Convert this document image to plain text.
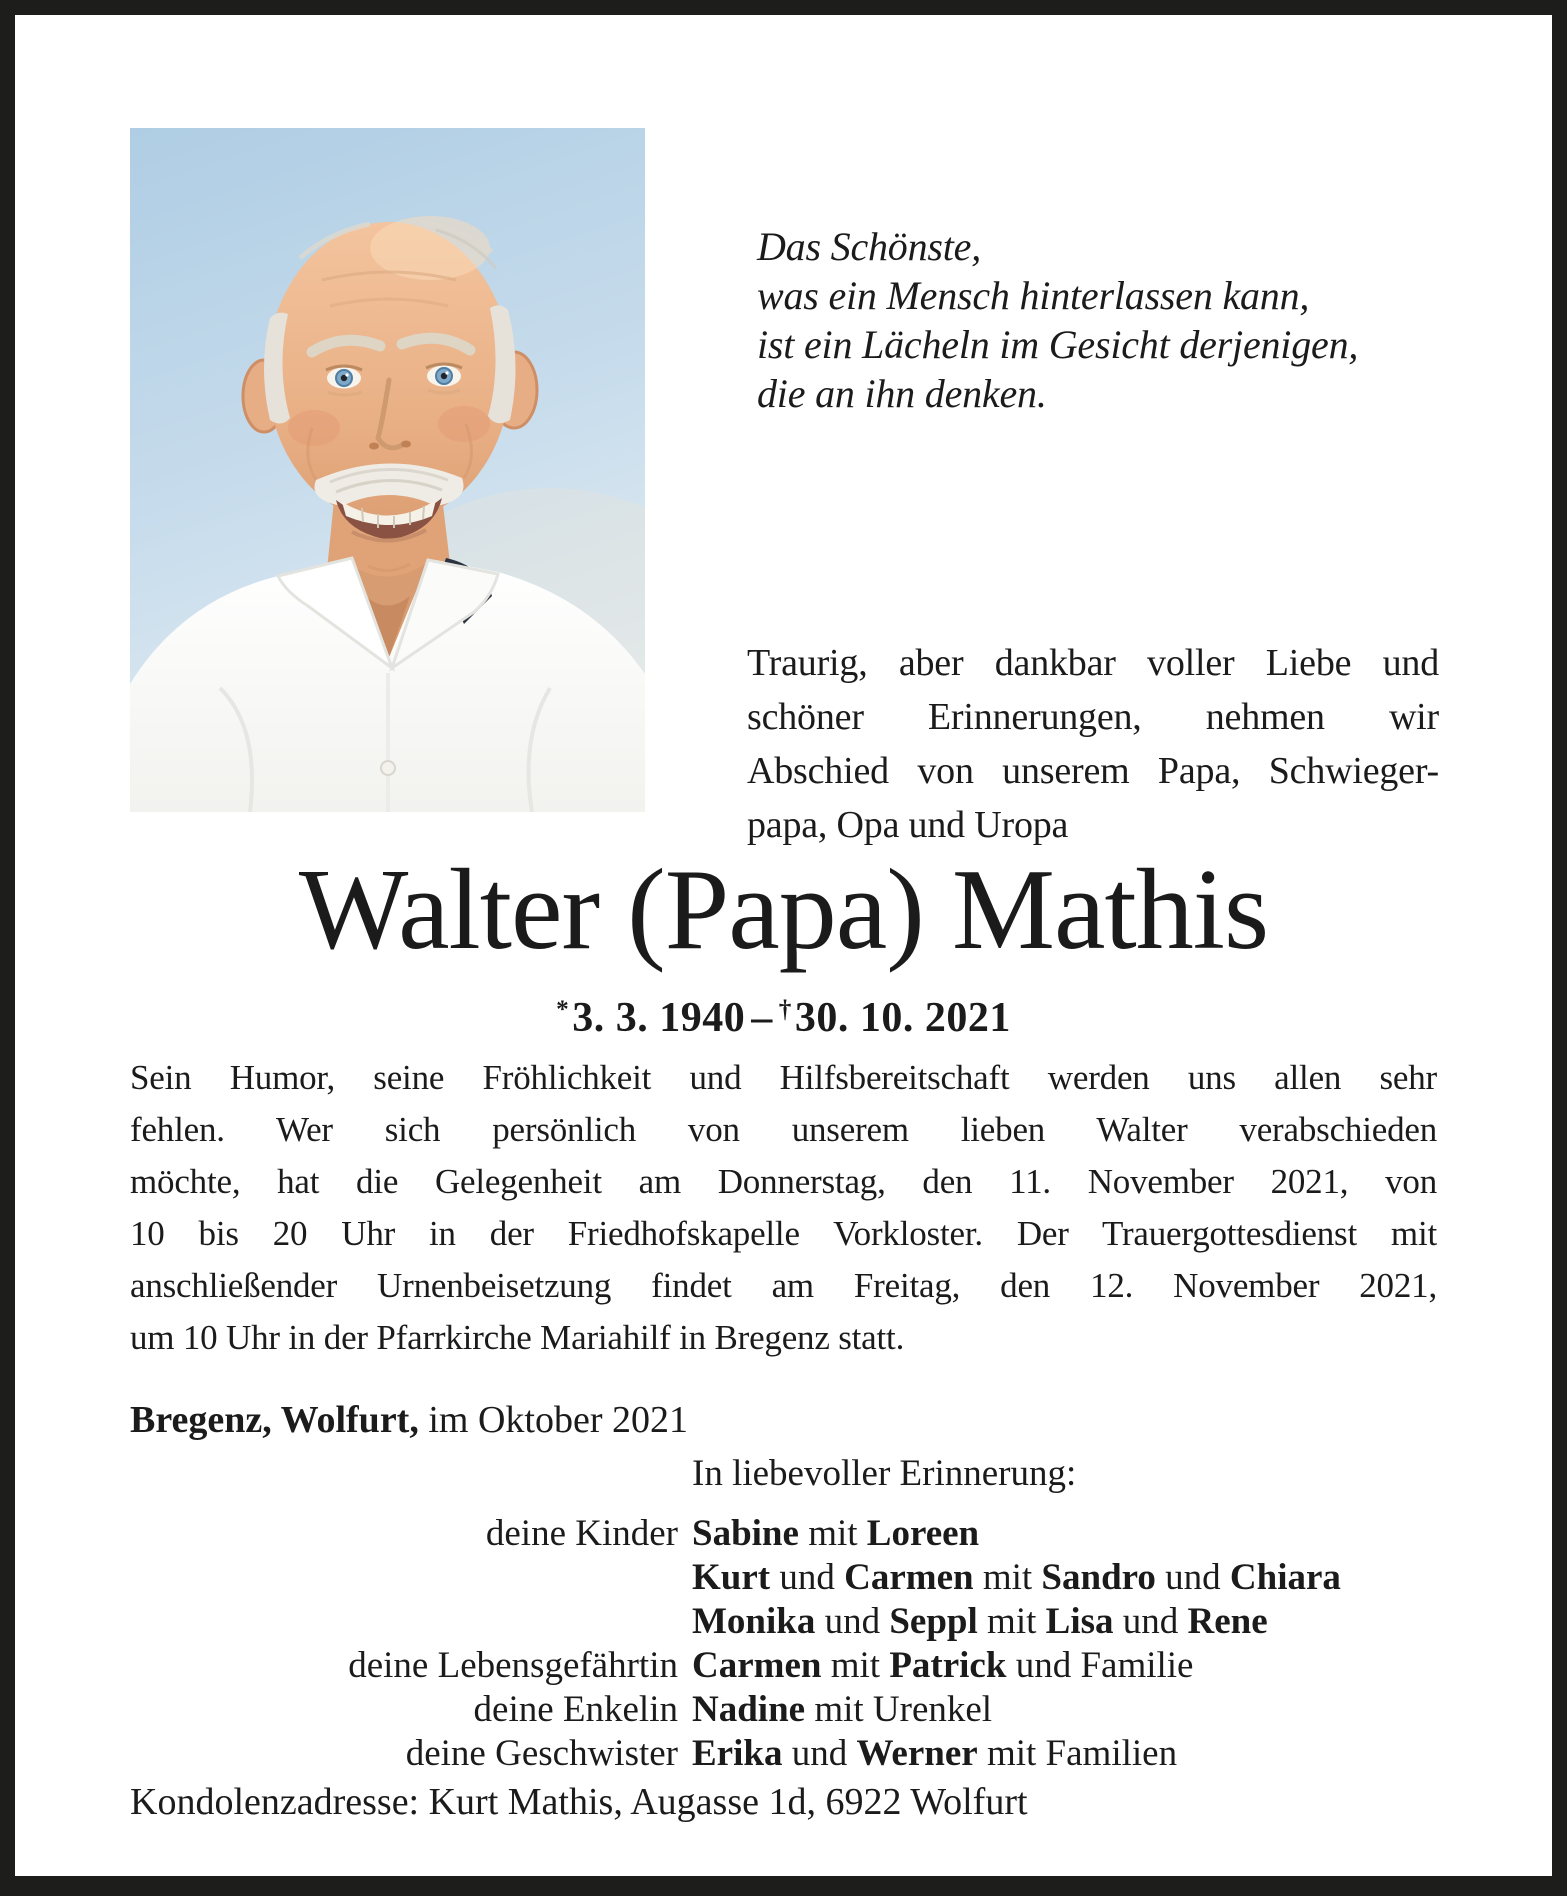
Das Schönste,
was ein Mensch hinterlassen kann,
ist ein Lächeln im Gesicht derjenigen,
die an ihn denken.
Traurig, aber dankbar voller Liebe und
schöner Erinnerungen, nehmen wir
Abschied von unserem Papa, Schwieger-
papa, Opa und Uropa
Walter (Papa) Mathis
*3. 3. 1940 – †30. 10. 2021
Sein Humor, seine Fröhlichkeit und Hilfsbereitschaft werden uns allen sehr
fehlen. Wer sich persönlich von unserem lieben Walter verabschieden
möchte, hat die Gelegenheit am Donnerstag, den 11. November 2021, von
10 bis 20 Uhr in der Friedhofskapelle Vorkloster. Der Trauergottesdienst mit
anschließender Urnenbeisetzung findet am Freitag, den 12. November 2021,
um 10 Uhr in der Pfarrkirche Mariahilf in Bregenz statt.
Bregenz, Wolfurt, im Oktober 2021
In liebevoller Erinnerung:
deine Kinder Sabine mit Loreen
Kurt und Carmen mit Sandro und Chiara
Monika und Seppl mit Lisa und Rene
deine Lebensgefährtin Carmen mit Patrick und Familie
deine Enkelin Nadine mit Urenkel
deine Geschwister Erika und Werner mit Familien
Kondolenzadresse: Kurt Mathis, Augasse 1d, 6922 Wolfurt
